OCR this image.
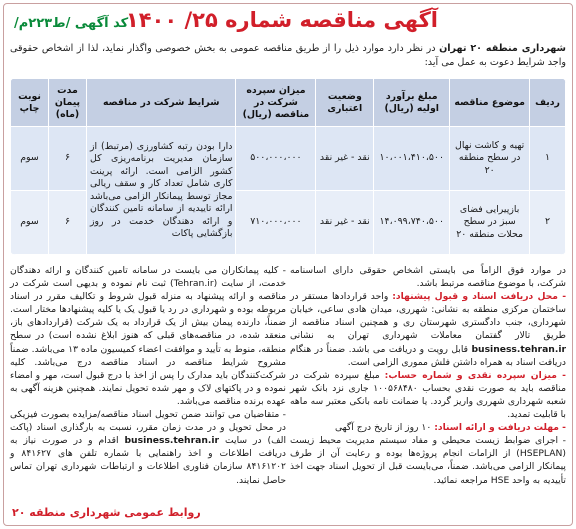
آگهی مناقصه شماره ۲۵/ ۱۴۰۰
کد آگهی /ط۲۲۳م/
شهرداری منطقه ۲۰ تهران در نظر دارد موارد ذیل را از طریق مناقصه عمومی به بخش خصوصی واگذار نماید، لذا از اشخاص حقوقی واجد شرایط دعوت به عمل می آید:
ردیف	موضوع مناقصه	مبلغ برآورد اولیه (ریال)	وضعیت اعتباری	میزان سپرده شرکت در مناقصه (ریال)	شرایط شرکت در مناقصه	مدت پیمان (ماه)	نوبت چاپ
۱	تهیه و کاشت نهال در سطح منطقه ۲۰	۱۰،۰۰۱،۴۱۰،۵۰۰	نقد - غیر نقد	۵۰۰،۰۰۰،۰۰۰	دارا بودن رتبه کشاورزی (مرتبط) از سازمان مدیریت برنامه‌ریزی کل کشور الزامی است. ارائه پرینت کاری شامل تعداد کار و سقف ریالی مجاز توسط پیمانکار الزامی می‌باشد ارائه تاییدیه از سامانه تامین کنندگان و ارائه دهندگان خدمت در روز بازگشایی پاکات	۶	سوم
۲	بازپیرایی فضای سبز در سطح محلات منطقه ۲۰	۱۴،۰۹۹،۷۴۰،۵۰۰	نقد - غیر نقد	۷۱۰،۰۰۰،۰۰۰		۶	سوم

در موارد فوق الزاماً می بایستی اشخاص حقوقی دارای اساسنامه شرکت، با موضوع مناقصه مرتبط باشد.

- محل دریافت اسناد و قبول پیشنهاد: واحد قراردادها مستقر در ساختمان مرکزی منطقه به نشانی: شهرری، میدان هادی ساعی، خیابان شهرداری، جنب دادگستری شهرستان ری و همچنین اسناد مناقصه از طریق تالار گفتمان معاملات شهرداری تهران به نشانی business.tehran.ir قابل رویت و دریافت می باشد. ضمناً در هنگام دریافت اسناد به همراه داشتن فلش مموری الزامی است.

- میزان سپرده نقدی و شماره حساب: مبلغ سپرده شرکت در مناقصه باید به صورت نقدی بحساب ۱۰۰۵۶۸۴۸۰ جاری نزد بانک شهر شعبه شهرداری شهرری واریز گردد. یا ضمانت نامه بانکی معتبر سه ماهه با قابلیت تمدید.

- مهلت دریافت و ارائه اسناد: ۱۰ روز از تاریخ درج آگهی

- اجرای ضوابط زیست محیطی و مفاد سیستم مدیریت محیط زیست (HSEPLAN) از الزامات انجام پروژه‌ها بوده و رعایت آن از طرف پیمانکار الزامی می‌باشد. ضمناً، می‌بایست قبل از تحویل اسناد جهت اخذ تأییدیه به واحد HSE مراجعه نمائید.

- کلیه پیمانکاران می بایست در سامانه تامین کنندگان و ارائه دهندگان خدمت، از سایت (Tehran.ir) ثبت نام نموده و بدیهی است شرکت در مناقصه و ارائه پیشنهاد به منزله قبول شروط و تکالیف مقرر در اسناد مربوطه بوده و شهرداری در رد یا قبول یک یا کلیه پیشنهادها مختار است. ضمناً، دارنده پیمان بیش از یک قرارداد به یک شرکت (قراردادهای باز، منعقد شده، در مناقصه‌های قبلی که هنوز ابلاغ نشده است) در سطح منطقه، منوط به تأیید و موافقت اعضاء کمیسیون ماده ۱۳ می‌باشد. ضمناً مشروح شرایط مناقصه در اسناد مناقصه درج می‌باشد. کلیه شرکت‌کنندگان باید مدارک را پس از اخذ با درج قبول است، مهر و امضاء نموده و در پاکتهای لاک و مهر شده تحویل نمایند. همچنین هزینه آگهی به عهده برنده مناقصه می‌باشد.

- متقاضیان می توانند ضمن تحویل اسناد مناقصه/مزایده بصورت فیزیکی در محل تحویل و در مدت زمان مقرر، نسبت به بارگذاری اسناد (پاکت الف) در سایت business.tehran.ir اقدام و در صورت نیاز به دریافت اطلاعات و اخذ راهنمایی با شماره تلفن های ۸۴۱۶۲۷ و ۸۴۱۶۱۲۰۲ سازمان فناوری اطلاعات و ارتباطات شهرداری تهران تماس حاصل نمایند.

روابط عمومی شهرداری منطقه ۲۰
